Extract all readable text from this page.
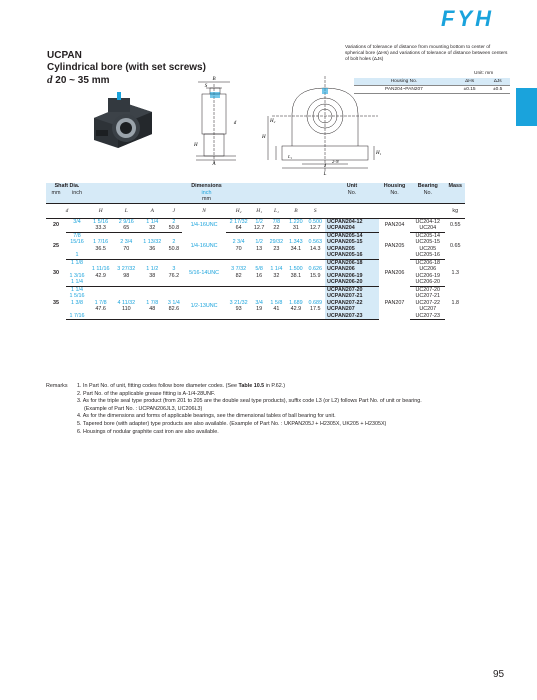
FYH
UCPAN
Cylindrical bore (with set screws)
d 20 ~ 35 mm
Variations of tolerance of distance from mounting bottom to center of spherical bore (ΔHs) and variations of tolerance of distance between centers of bolt holes (ΔJs)
Unit: mm
Housing No.	ΔHs	ΔJs
PAN204~PAN207	±0.15	±0.5
B
S
d
H
A
H
H₂
H₁
L₁
2-N
J
L
Shaft Dia.		Dimensions										Unit	Housing	Bearing	Mass
mm	inch	inch										No.	No.	No.	
		mm													
d		H	L	A	J	N	H₂	H₁	L₁	B	S				kg
20	3/4	1 5/16	2 9/16	1 1/4	2	1/4-16UNC	2 17/32	1/2	7/8	1.220	0.500	UCPAN204-12	PAN204	UC204-12	0.55
		33.3	65	32	50.8		64	12.7	22	31	12.7	UCPAN204		UC204	
25	7/8											UCPAN205-14	PAN205	UC205-14	0.65
	15/16	1 7/16	2 3/4	1 13/32	2	1/4-16UNC	2 3/4	1/2	29/32	1.343	0.563	UCPAN205-15		UC205-15	
		36.5	70	36	50.8		70	13	23	34.1	14.3	UCPAN205		UC205	
	1											UCPAN205-16		UC205-16	
30	1 1/8											UCPAN206-18	PAN206	UC206-18	1.3
		1 11/16	3 27/32	1 1/2	3	5/16-14UNC	3 7/32	5/8	1 1/4	1.500	0.626	UCPAN206		UC206	
	1 3/16	42.9	98	38	76.2		82	16	32	38.1	15.9	UCPAN206-19		UC206-19	
	1 1/4											UCPAN206-20		UC206-20	
35	1 1/4											UCPAN207-20	PAN207	UC207-20	1.8
	1 5/16											UCPAN207-21		UC207-21	
	1 3/8	1 7/8	4 11/32	1 7/8	3 1/4	1/2-13UNC	3 21/32	3/4	1 5/8	1.689	0.689	UCPAN207-22		UC207-22	
		47.6	110	48	82.6		93	19	41	42.9	17.5	UCPAN207		UC207	
	1 7/16											UCPAN207-23		UC207-23	
Remarks 1. In Part No. of unit, fitting codes follow bore diameter codes. (See Table 10.5 in P.62.)
2. Part No. of the applicable grease fitting is A-1/4-28UNF.
3. As for the triple seal type product (from 201 to 205 are the double seal type products), suffix code L3 (or L2) follows Part No. of unit or bearing.
(Example of Part No. : UCPAN206JL3, UC206L3)
4. As for the dimensions and forms of applicable bearings, see the dimensional tables of ball bearing for unit.
5. Tapered bore (with adapter) type products are also available. (Example of Part No. : UKPAN205J + H2305X, UK205 + H2305X)
6. Housings of nodular graphite cast iron are also available.
95
